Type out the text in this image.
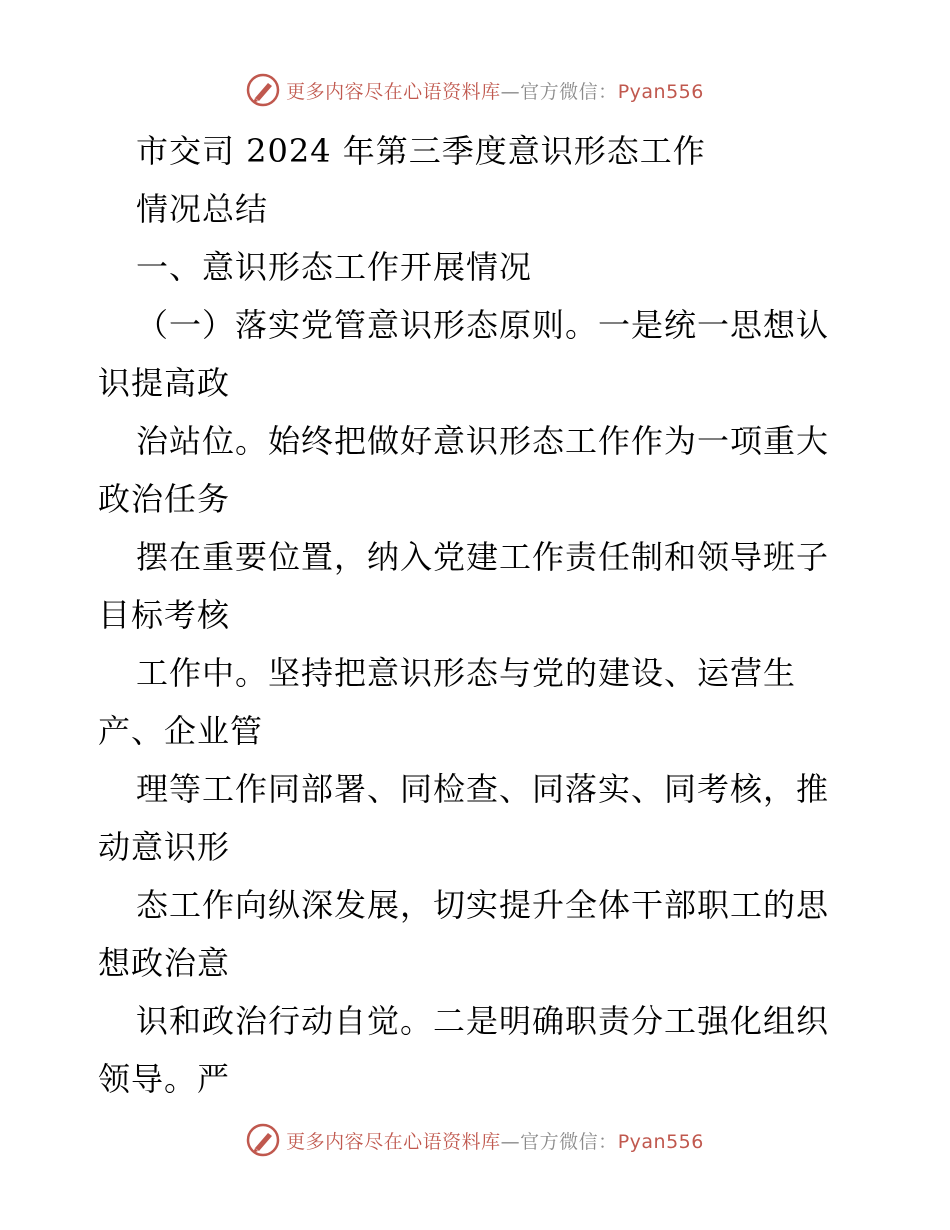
更多内容尽在心语资料库—官方微信：Pyan556
市交司 2024 年第三季度意识形态工作
情况总结
一、意识形态工作开展情况
（一）落实党管意识形态原则。一是统一思想认
识提高政
治站位。始终把做好意识形态工作作为一项重大
政治任务
摆在重要位置，纳入党建工作责任制和领导班子
目标考核
工作中。坚持把意识形态与党的建设、运营生
产、企业管
理等工作同部署、同检查、同落实、同考核，推
动意识形
态工作向纵深发展，切实提升全体干部职工的思
想政治意
识和政治行动自觉。二是明确职责分工强化组织
领导。严
更多内容尽在心语资料库—官方微信：Pyan556
